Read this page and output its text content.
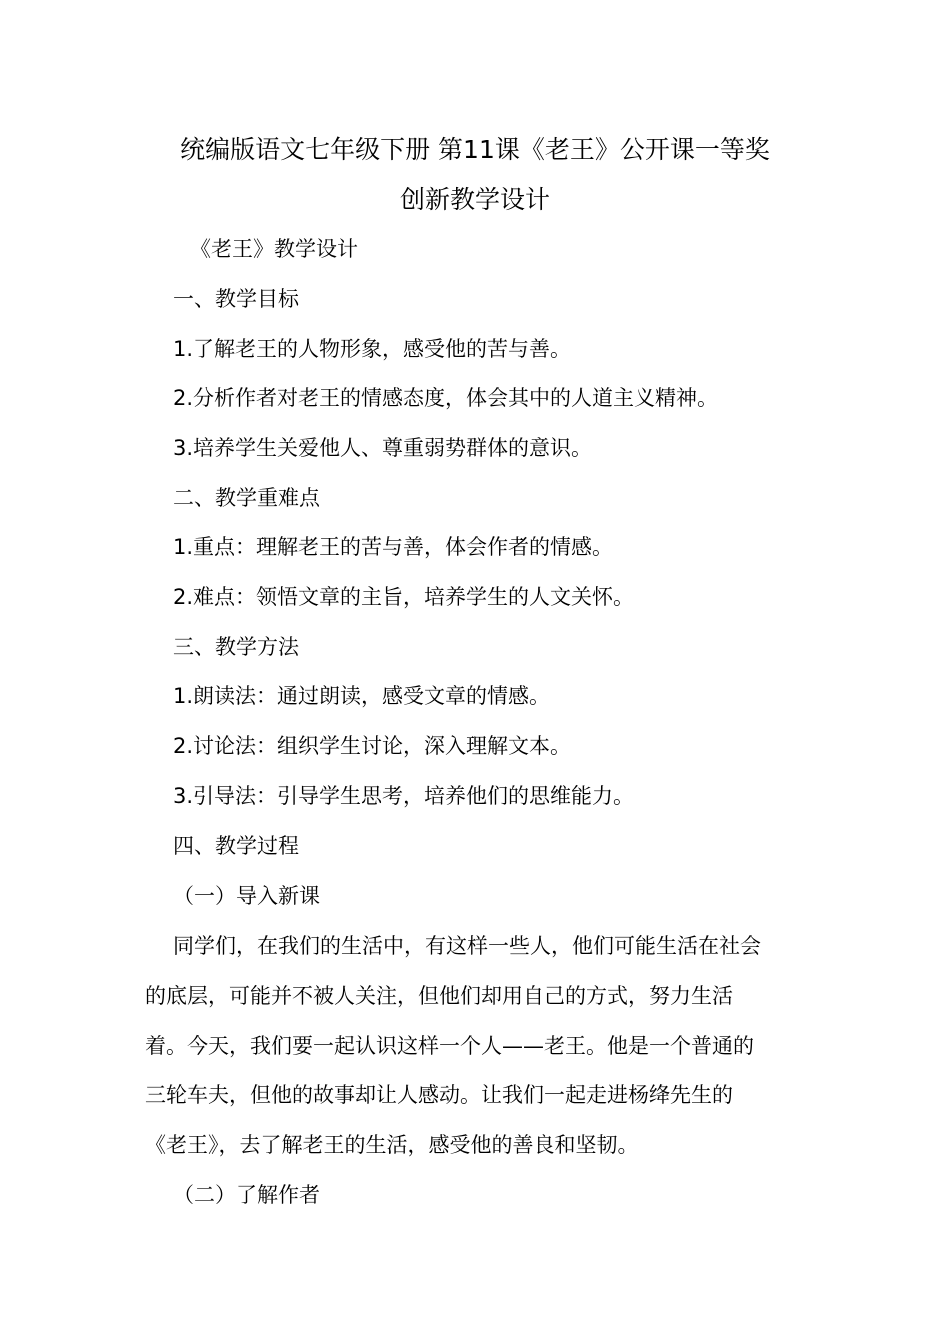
统编版语文七年级下册 第11课《老王》公开课一等奖
创新教学设计
《老王》教学设计
一、教学目标
1.了解老王的人物形象，感受他的苦与善。
2.分析作者对老王的情感态度，体会其中的人道主义精神。
3.培养学生关爱他人、尊重弱势群体的意识。
二、教学重难点
1.重点：理解老王的苦与善，体会作者的情感。
2.难点：领悟文章的主旨，培养学生的人文关怀。
三、教学方法
1.朗读法：通过朗读，感受文章的情感。
2.讨论法：组织学生讨论，深入理解文本。
3.引导法：引导学生思考，培养他们的思维能力。
四、教学过程
（一）导入新课
同学们，在我们的生活中，有这样一些人，他们可能生活在社会
的底层，可能并不被人关注，但他们却用自己的方式，努力生活
着。今天，我们要一起认识这样一个人——老王。他是一个普通的
三轮车夫，但他的故事却让人感动。让我们一起走进杨绛先生的
《老王》，去了解老王的生活，感受他的善良和坚韧。
（二）了解作者
